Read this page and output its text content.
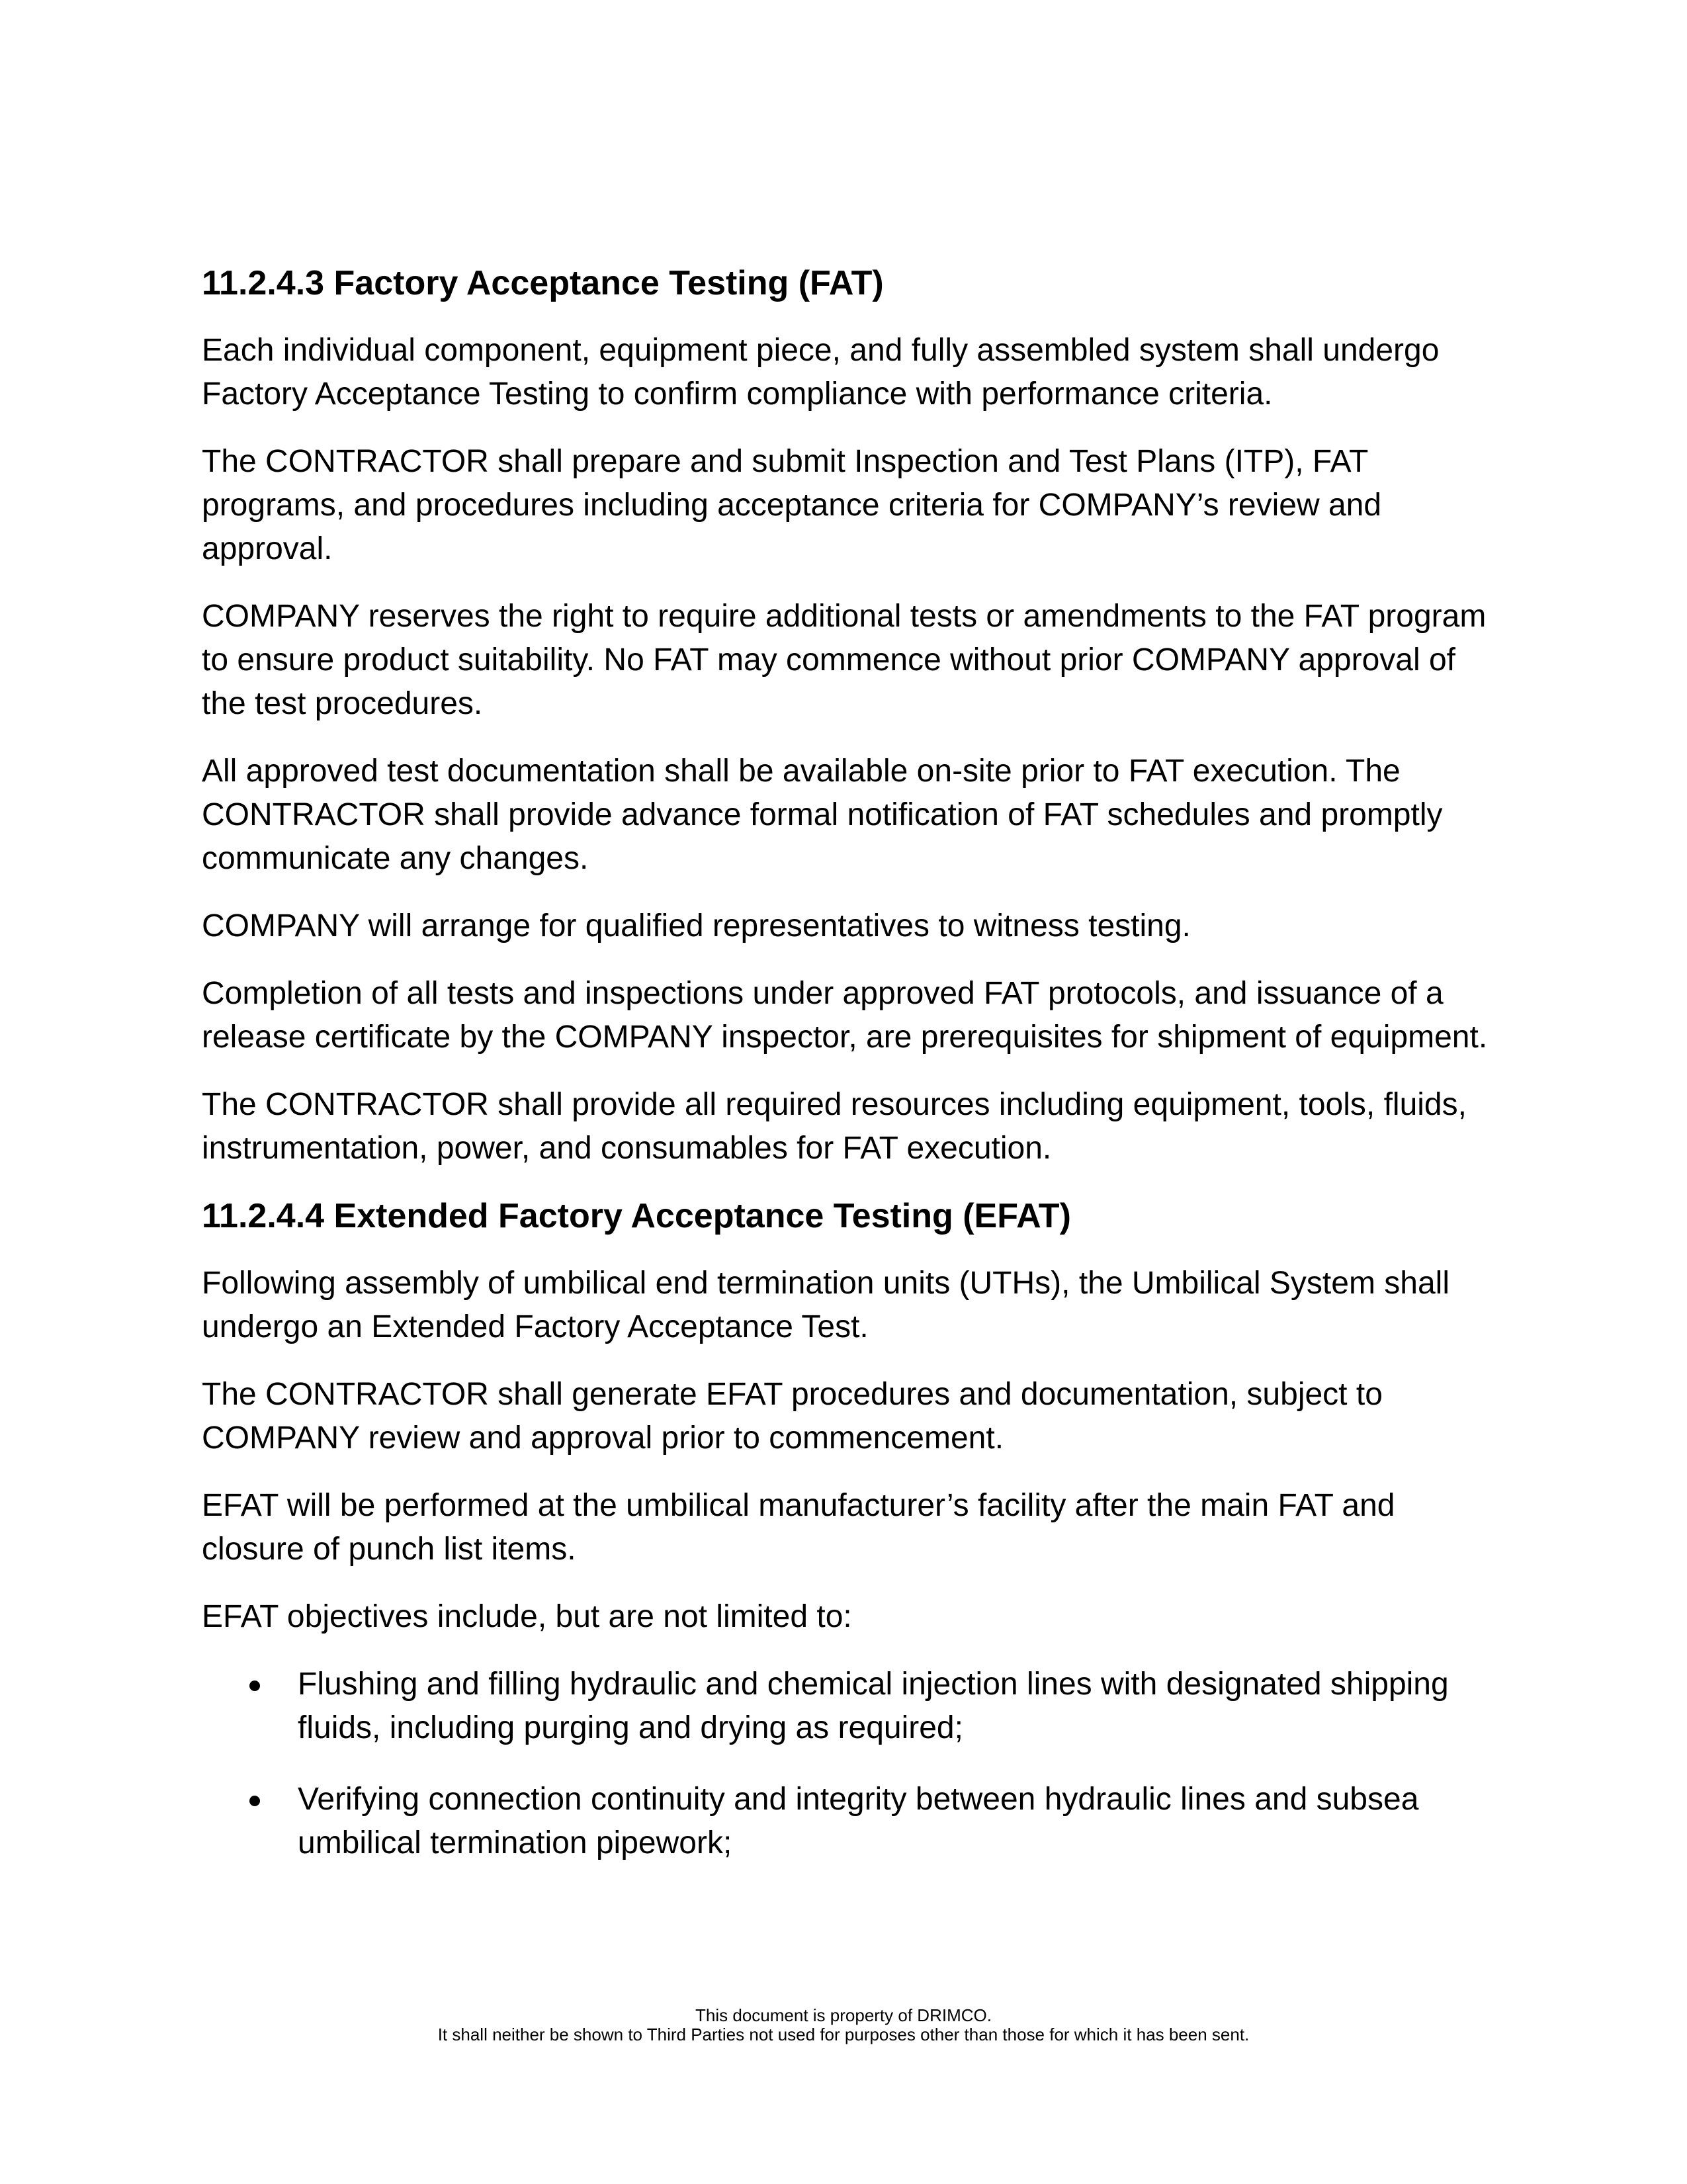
11.2.4.3 Factory Acceptance Testing (FAT)

Each individual component, equipment piece, and fully assembled system shall undergo Factory Acceptance Testing to confirm compliance with performance criteria.

The CONTRACTOR shall prepare and submit Inspection and Test Plans (ITP), FAT programs, and procedures including acceptance criteria for COMPANY’s review and approval.

COMPANY reserves the right to require additional tests or amendments to the FAT program to ensure product suitability. No FAT may commence without prior COMPANY approval of the test procedures.

All approved test documentation shall be available on-site prior to FAT execution. The CONTRACTOR shall provide advance formal notification of FAT schedules and promptly communicate any changes.

COMPANY will arrange for qualified representatives to witness testing.

Completion of all tests and inspections under approved FAT protocols, and issuance of a release certificate by the COMPANY inspector, are prerequisites for shipment of equipment.

The CONTRACTOR shall provide all required resources including equipment, tools, fluids, instrumentation, power, and consumables for FAT execution.

11.2.4.4 Extended Factory Acceptance Testing (EFAT)

Following assembly of umbilical end termination units (UTHs), the Umbilical System shall undergo an Extended Factory Acceptance Test.

The CONTRACTOR shall generate EFAT procedures and documentation, subject to COMPANY review and approval prior to commencement.

EFAT will be performed at the umbilical manufacturer’s facility after the main FAT and closure of punch list items.

EFAT objectives include, but are not limited to:

Flushing and filling hydraulic and chemical injection lines with designated shipping fluids, including purging and drying as required;
Verifying connection continuity and integrity between hydraulic lines and subsea umbilical termination pipework;
This document is property of DRIMCO.
It shall neither be shown to Third Parties not used for purposes other than those for which it has been sent.
